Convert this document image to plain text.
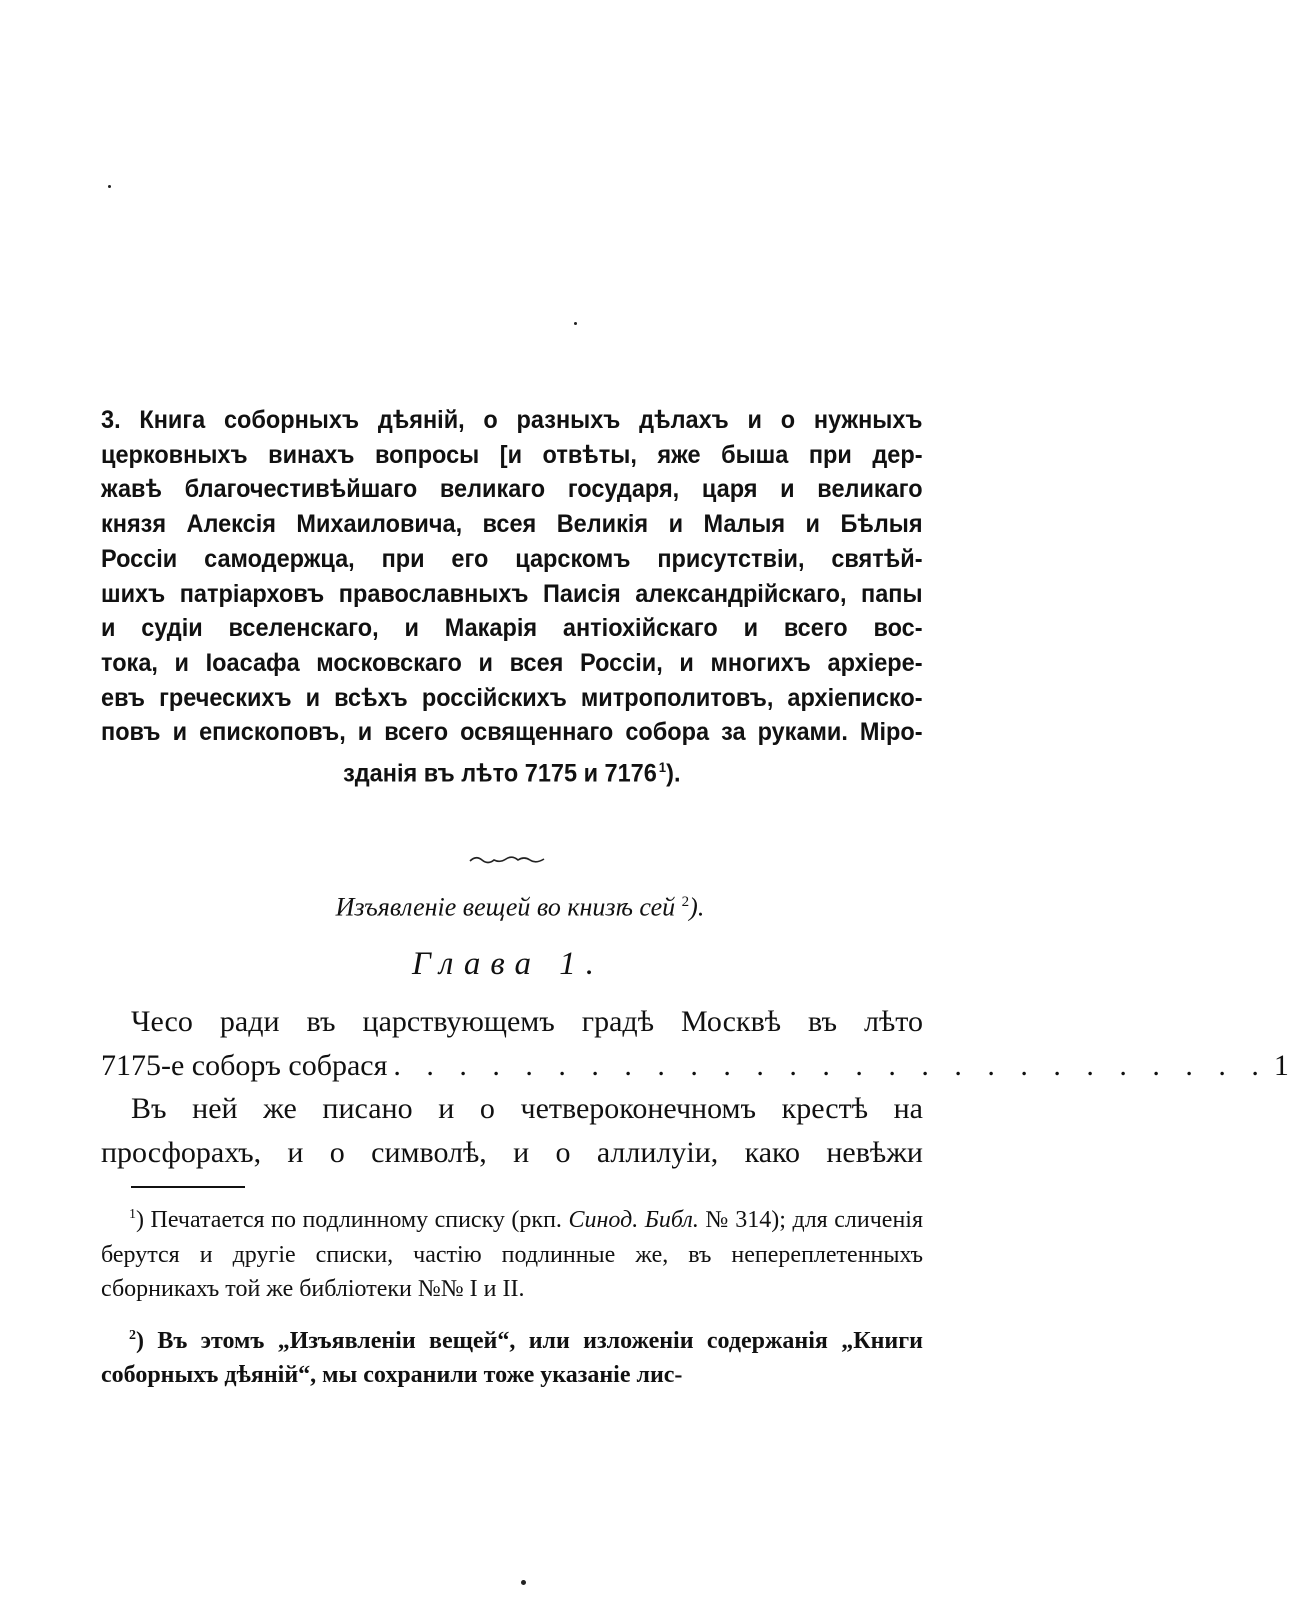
3. Книга соборныхъ дѣяній, о разныхъ дѣлахъ и о нужныхъ
церковныхъ винахъ вопросы [и отвѣты, яже быша при дер-
жавѣ благочестивѣйшаго великаго государя, царя и великаго
князя Алексія Михаиловича, всея Великія и Малыя и Бѣлыя
Россіи самодержца, при его царскомъ присутствіи, святѣй-
шихъ патріарховъ православныхъ Паисія александрійскаго, папы
и судіи вселенскаго, и Макарія антіохійскаго и всего вос-
тока, и Іоасафа московскаго и всея Россіи, и многихъ архіере-
евъ греческихъ и всѣхъ россійскихъ митрополитовъ, архіеписко-
повъ и епископовъ, и всего освященнаго собора за руками. Міро-
зданія въ лѣто 7175 и 7176  $^1$).
Изъявленіе вещей во книзѣ сей $^2$).
Глава 1.
Чесо ради въ царствующемъ градѣ Москвѣ въ лѣто
7175-е соборъ собрася . . . . . . . . . . . . . . . . . . . . . . . . . . . 1
Въ ней же писано и о четвероконечномъ крестѣ на
просфорахъ, и о символѣ, и о аллилуіи, како невѣжи

$^1$) Печатается по подлинному списку (ркп. Синод. Библ. № 314); для сличенія берутся и другіе списки, частію подлинные же, въ непереплетенныхъ сборникахъ той же библіотеки №№ I и II.

$^2$) Въ этомъ „Изъявленіи вещей“, или изложеніи содержанія „Книги соборныхъ дѣяній“, мы сохранили тоже указаніе лис-
